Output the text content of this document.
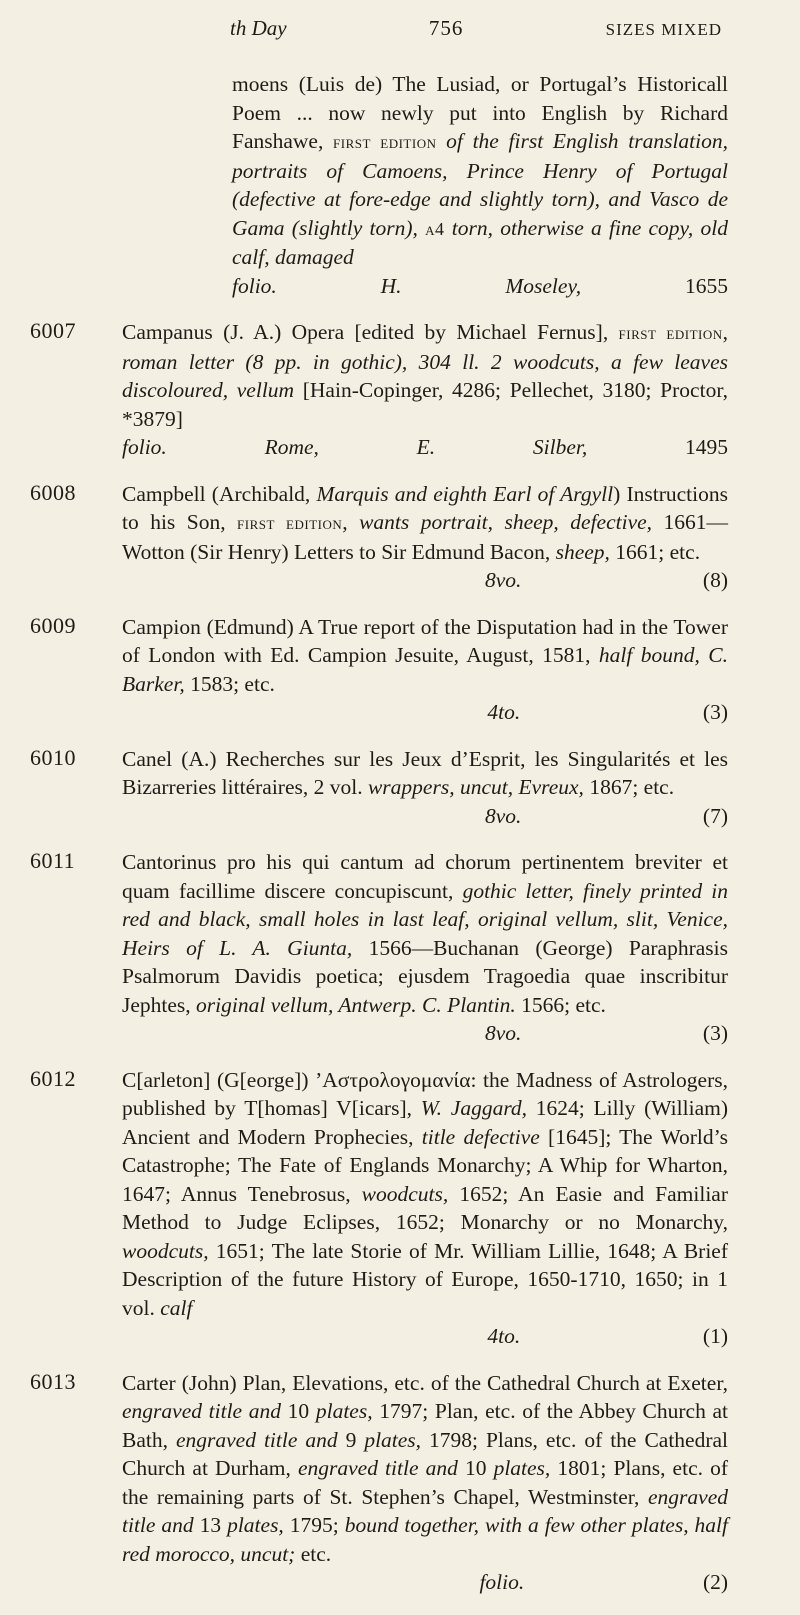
th Day	756	SIZES MIXED
moens (Luis de) The Lusiad, or Portugal’s Historicall Poem ... now newly put into English by Richard Fanshawe, first edition of the first English translation, portraits of Camoens, Prince Henry of Portugal (defective at fore-edge and slightly torn), and Vasco de Gama (slightly torn), a4 torn, otherwise a fine copy, old calf, damaged
folio.	H. Moseley,	1655
6007 Campanus (J. A.) Opera [edited by Michael Fernus], first edition, roman letter (8 pp. in gothic), 304 ll. 2 woodcuts, a few leaves discoloured, vellum [Hain-Copinger, 4286; Pellechet, 3180; Proctor, *3879]
folio.	Rome, E. Silber,	1495
6008 Campbell (Archibald, Marquis and eighth Earl of Argyll) Instructions to his Son, first edition, wants portrait, sheep, defective, 1661—Wotton (Sir Henry) Letters to Sir Edmund Bacon, sheep, 1661; etc.
8vo.	(8)
6009 Campion (Edmund) A True report of the Disputation had in the Tower of London with Ed. Campion Jesuite, August, 1581, half bound, C. Barker, 1583; etc.
4to.	(3)
6010 Canel (A.) Recherches sur les Jeux d’Esprit, les Singularités et les Bizarreries littéraires, 2 vol. wrappers, uncut, Evreux, 1867; etc.
8vo.	(7)
6011 Cantorinus pro his qui cantum ad chorum pertinentem breviter et quam facillime discere concupiscunt, gothic letter, finely printed in red and black, small holes in last leaf, original vellum, slit, Venice, Heirs of L. A. Giunta, 1566—Buchanan (George) Paraphrasis Psalmorum Davidis poetica; ejusdem Tragoedia quae inscribitur Jephtes, original vellum, Antwerp. C. Plantin. 1566; etc.
8vo.	(3)
6012 C[arleton] (G[eorge]) ’Αστρολογομανία: the Madness of Astrologers, published by T[homas] V[icars], W. Jaggard, 1624; Lilly (William) Ancient and Modern Prophecies, title defective [1645]; The World’s Catastrophe; The Fate of Englands Monarchy; A Whip for Wharton, 1647; Annus Tenebrosus, woodcuts, 1652; An Easie and Familiar Method to Judge Eclipses, 1652; Monarchy or no Monarchy, woodcuts, 1651; The late Storie of Mr. William Lillie, 1648; A Brief Description of the future History of Europe, 1650-1710, 1650; in 1 vol. calf
4to.	(1)
6013 Carter (John) Plan, Elevations, etc. of the Cathedral Church at Exeter, engraved title and 10 plates, 1797; Plan, etc. of the Abbey Church at Bath, engraved title and 9 plates, 1798; Plans, etc. of the Cathedral Church at Durham, engraved title and 10 plates, 1801; Plans, etc. of the remaining parts of St. Stephen’s Chapel, Westminster, engraved title and 13 plates, 1795; bound together, with a few other plates, half red morocco, uncut; etc.
folio.	(2)
